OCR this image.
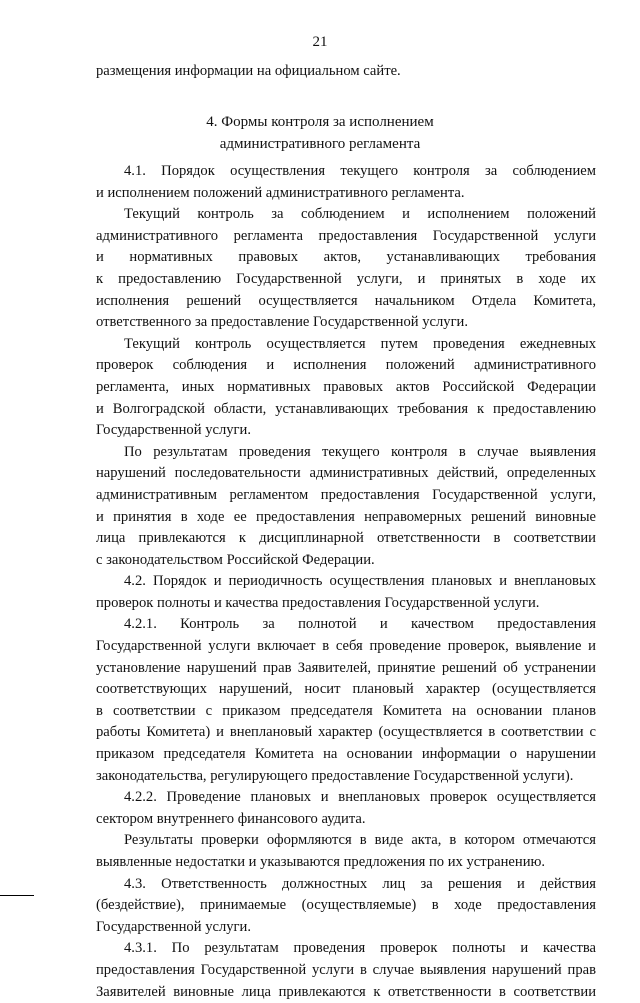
21
размещения информации на официальном сайте.
4. Формы контроля за исполнением
административного регламента
4.1. Порядок осуществления текущего контроля за соблюдением
и исполнением положений административного регламента.
Текущий контроль за соблюдением и исполнением положений
административного регламента предоставления Государственной услуги
и нормативных правовых актов, устанавливающих требования
к предоставлению Государственной услуги, и принятых в ходе их
исполнения решений осуществляется начальником Отдела Комитета,
ответственного за предоставление Государственной услуги.
Текущий контроль осуществляется путем проведения ежедневных
проверок соблюдения и исполнения положений административного
регламента, иных нормативных правовых актов Российской Федерации
и Волгоградской области, устанавливающих требования к предоставлению
Государственной услуги.
По результатам проведения текущего контроля в случае выявления
нарушений последовательности административных действий, определенных
административным регламентом предоставления Государственной услуги,
и принятия в ходе ее предоставления неправомерных решений виновные
лица привлекаются к дисциплинарной ответственности в соответствии
с законодательством Российской Федерации.
4.2. Порядок и периодичность осуществления плановых и внеплановых
проверок полноты и качества предоставления Государственной услуги.
4.2.1. Контроль за полнотой и качеством предоставления
Государственной услуги включает в себя проведение проверок, выявление и
установление нарушений прав Заявителей, принятие решений об устранении
соответствующих нарушений, носит плановый характер (осуществляется
в соответствии с приказом председателя Комитета на основании планов
работы Комитета) и внеплановый характер (осуществляется в соответствии с
приказом председателя Комитета на основании информации о нарушении
законодательства, регулирующего предоставление Государственной услуги).
4.2.2. Проведение плановых и внеплановых проверок осуществляется
сектором внутреннего финансового аудита.
Результаты проверки оформляются в виде акта, в котором отмечаются
выявленные недостатки и указываются предложения по их устранению.
4.3. Ответственность должностных лиц за решения и действия
(бездействие), принимаемые (осуществляемые) в ходе предоставления
Государственной услуги.
4.3.1. По результатам проведения проверок полноты и качества
предоставления Государственной услуги в случае выявления нарушений прав
Заявителей виновные лица привлекаются к ответственности в соответствии
